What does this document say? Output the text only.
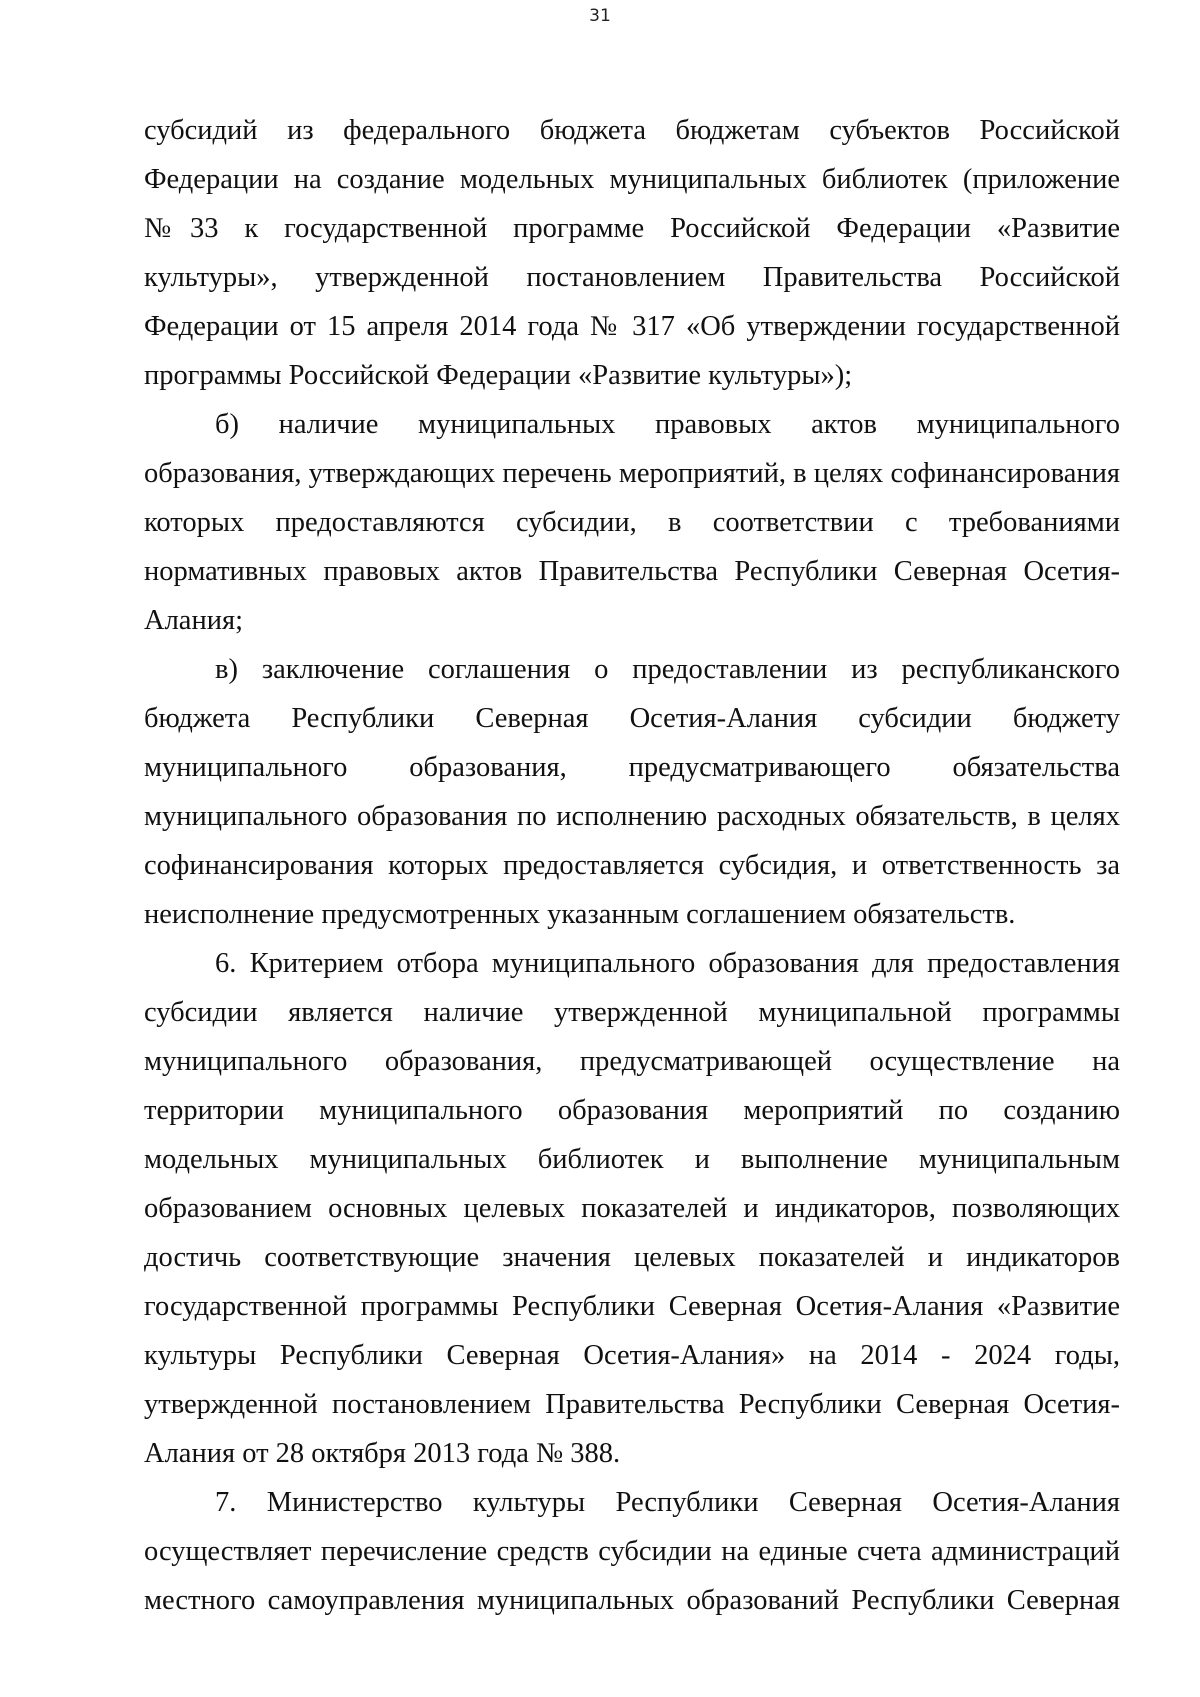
31

субсидий из федерального бюджета бюджетам субъектов Российской Федерации на создание модельных муниципальных библиотек (приложение №33 к государственной программе Российской Федерации «Развитие культуры», утвержденной постановлением Правительства Российской Федерации от 15 апреля 2014 года № 317 «Об утверждении государственной программы Российской Федерации «Развитие культуры»);

б) наличие муниципальных правовых актов муниципального образования, утверждающих перечень мероприятий, в целях софинансирования которых предоставляются субсидии, в соответствии с требованиями нормативных правовых актов Правительства Республики Северная Осетия-Алания;

в) заключение соглашения о предоставлении из республиканского бюджета Республики Северная Осетия-Алания субсидии бюджету муниципального образования, предусматривающего обязательства муниципального образования по исполнению расходных обязательств, в целях софинансирования которых предоставляется субсидия, и ответственность за неисполнение предусмотренных указанным соглашением обязательств.

6. Критерием отбора муниципального образования для предоставления субсидии является наличие утвержденной муниципальной программы муниципального образования, предусматривающей осуществление на территории муниципального образования мероприятий по созданию модельных муниципальных библиотек и выполнение муниципальным образованием основных целевых показателей и индикаторов, позволяющих достичь соответствующие значения целевых показателей и индикаторов государственной программы Республики Северная Осетия-Алания «Развитие культуры Республики Северная Осетия-Алания» на 2014 - 2024 годы, утвержденной постановлением Правительства Республики Северная Осетия-Алания от 28 октября 2013 года № 388.

7. Министерство культуры Республики Северная Осетия-Алания осуществляет перечисление средств субсидии на единые счета администраций местного самоуправления муниципальных образований Республики Северная
